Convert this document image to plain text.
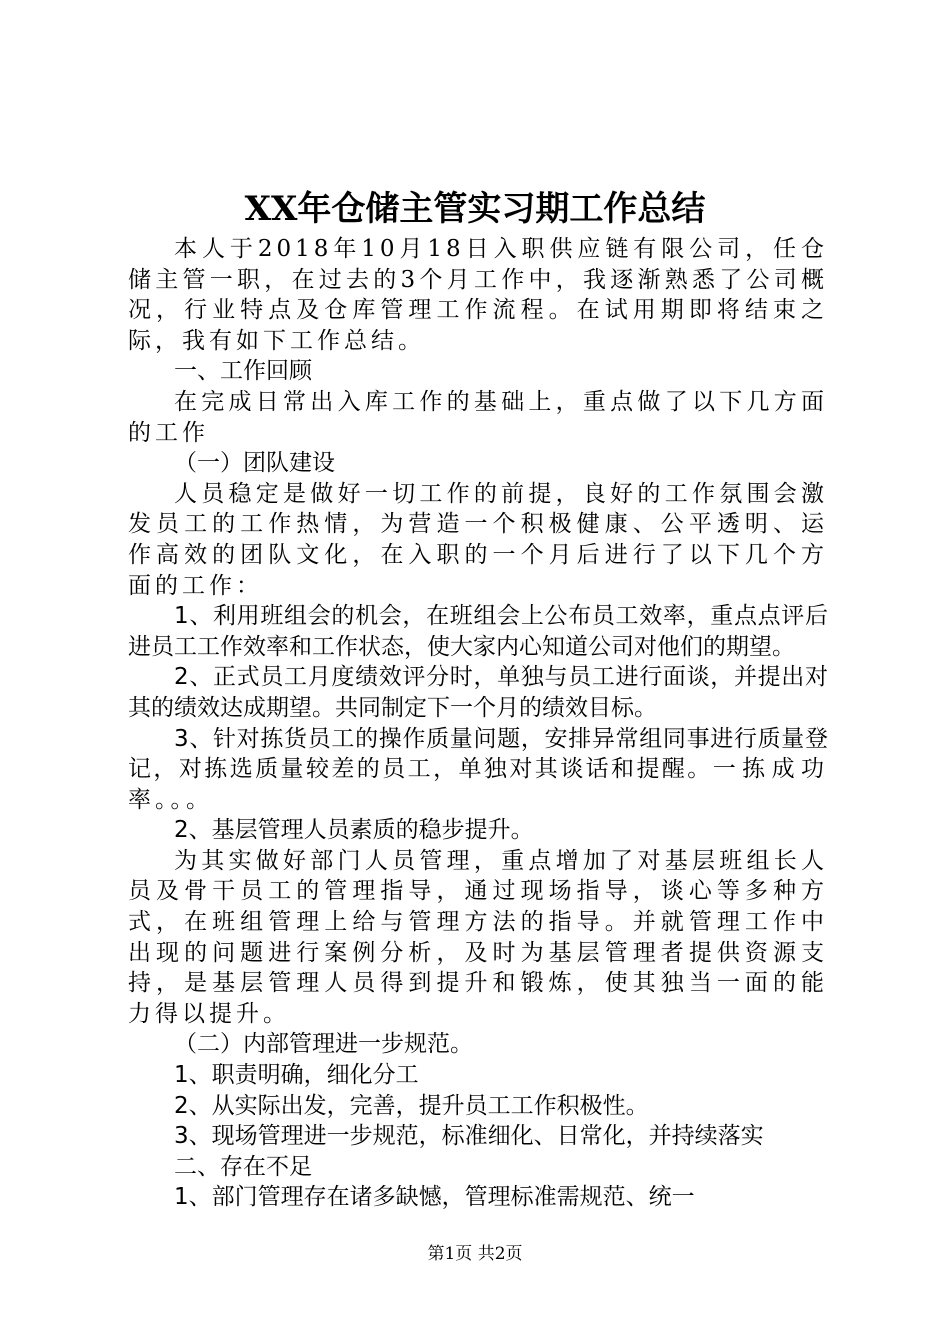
XX年仓储主管实习期工作总结

本人于2018年10月18日入职供应链有限公司，任仓储主管一职，在过去的3个月工作中，我逐渐熟悉了公司概况，行业特点及仓库管理工作流程。在试用期即将结束之际，我有如下工作总结。

一、工作回顾

在完成日常出入库工作的基础上，重点做了以下几方面的工作

（一）团队建设

人员稳定是做好一切工作的前提，良好的工作氛围会激发员工的工作热情，为营造一个积极健康、公平透明、运作高效的团队文化，在入职的一个月后进行了以下几个方面的工作：

1、利用班组会的机会，在班组会上公布员工效率，重点点评后进员工工作效率和工作状态，使大家内心知道公司对他们的期望。

2、正式员工月度绩效评分时，单独与员工进行面谈，并提出对其的绩效达成期望。共同制定下一个月的绩效目标。

3、针对拣货员工的操作质量问题，安排异常组同事进行质量登记，对拣选质量较差的员工，单独对其谈话和提醒。一拣成功率。。。

2、基层管理人员素质的稳步提升。

为其实做好部门人员管理，重点增加了对基层班组长人员及骨干员工的管理指导，通过现场指导，谈心等多种方式，在班组管理上给与管理方法的指导。并就管理工作中出现的问题进行案例分析，及时为基层管理者提供资源支持，是基层管理人员得到提升和锻炼，使其独当一面的能力得以提升。

（二）内部管理进一步规范。

1、职责明确，细化分工

2、从实际出发，完善，提升员工工作积极性。

3、现场管理进一步规范，标准细化、日常化，并持续落实

二、存在不足

1、部门管理存在诸多缺憾，管理标准需规范、统一

第1页 共2页
